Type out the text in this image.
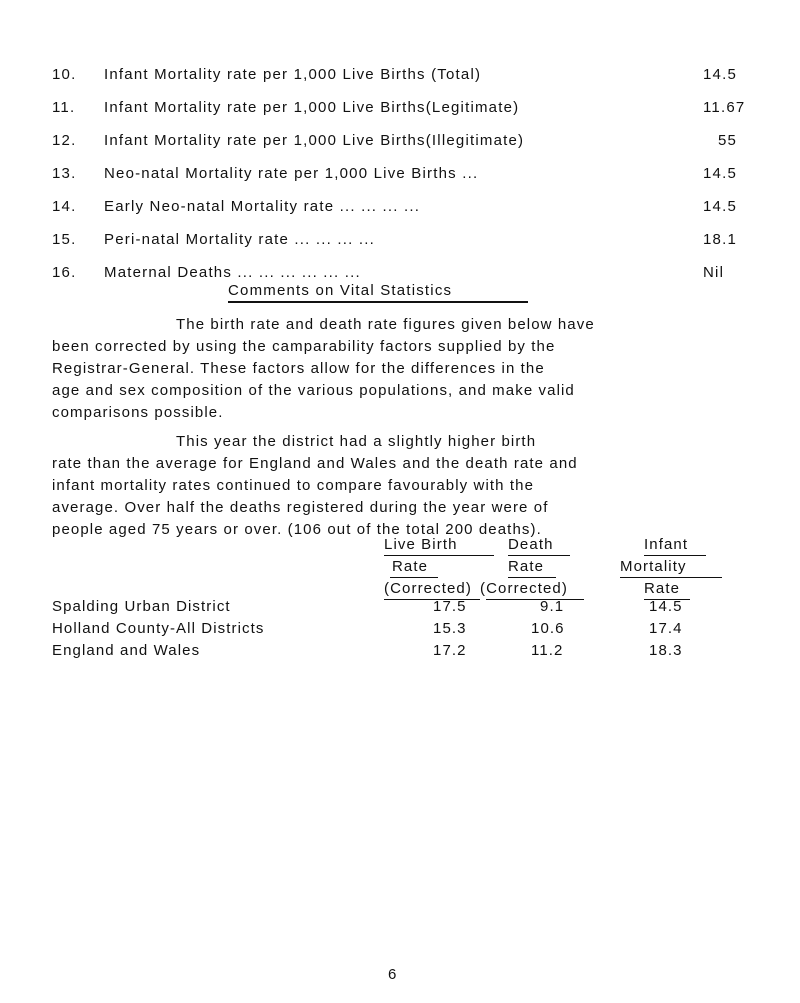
10. Infant Mortality rate per 1,000 Live Births (Total)	14.5
11. Infant Mortality rate per 1,000 Live Births(Legitimate)	11.67
12. Infant Mortality rate per 1,000 Live Births(Illegitimate)	55
13. Neo-natal Mortality rate per 1,000 Live Births ...	14.5
14. Early Neo-natal Mortality rate ... ... ... ...	14.5
15. Peri-natal Mortality rate ... ... ... ...	18.1
16. Maternal Deaths ... ... ... ... ... ...	Nil
Comments on Vital Statistics

The birth rate and death rate figures given below have
been corrected by using the camparability factors supplied by the
Registrar-General. These factors allow for the differences in the
age and sex composition of the various populations, and make valid
comparisons possible.

This year the district had a slightly higher birth
rate than the average for England and Wales and the death rate and
infant mortality rates continued to compare favourably with the
average. Over half the deaths registered during the year were of
people aged 75 years or over. (106 out of the total 200 deaths).

Live Birth
Rate
(Corrected)
Death
Rate
(Corrected)
Infant
Mortality
Rate
Spalding Urban District	17.5	9.1	14.5
Holland County-All Districts	15.3	10.6	17.4
England and Wales	17.2	11.2	18.3
6
